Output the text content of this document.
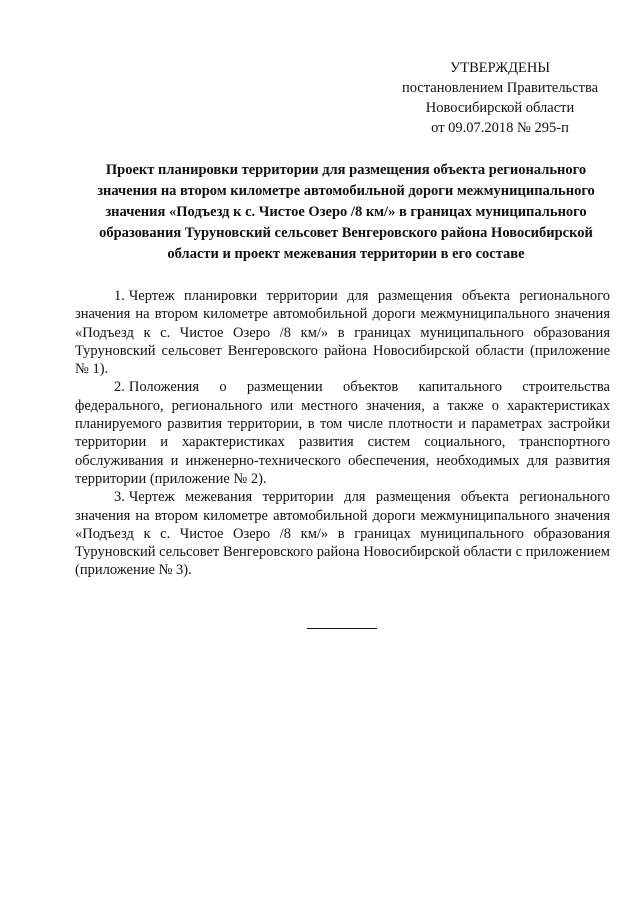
УТВЕРЖДЕНЫ
постановлением Правительства
Новосибирской области
от 09.07.2018 № 295-п
Проект планировки территории для размещения объекта регионального
значения на втором километре автомобильной дороги межмуниципального
значения «Подъезд к с. Чистое Озеро /8 км/» в границах муниципального
образования Туруновский сельсовет Венгеровского района Новосибирской
области и проект межевания территории в его составе

1. Чертеж планировки территории для размещения объекта регионального значения на втором километре автомобильной дороги межмуниципального значения «Подъезд к с. Чистое Озеро /8 км/» в границах муниципального образования Туруновский сельсовет Венгеровского района Новосибирской области (приложение № 1).

2. Положения о размещении объектов капитального строительства федерального, регионального или местного значения, а также о характеристиках планируемого развития территории, в том числе плотности и параметрах застройки территории и характеристиках развития систем социального, транспортного обслуживания и инженерно-технического обеспечения, необходимых для развития территории (приложение № 2).

3. Чертеж межевания территории для размещения объекта регионального значения на втором километре автомобильной дороги межмуниципального значения «Подъезд к с. Чистое Озеро /8 км/» в границах муниципального образования Туруновский сельсовет Венгеровского района Новосибирской области с приложением (приложение № 3).
